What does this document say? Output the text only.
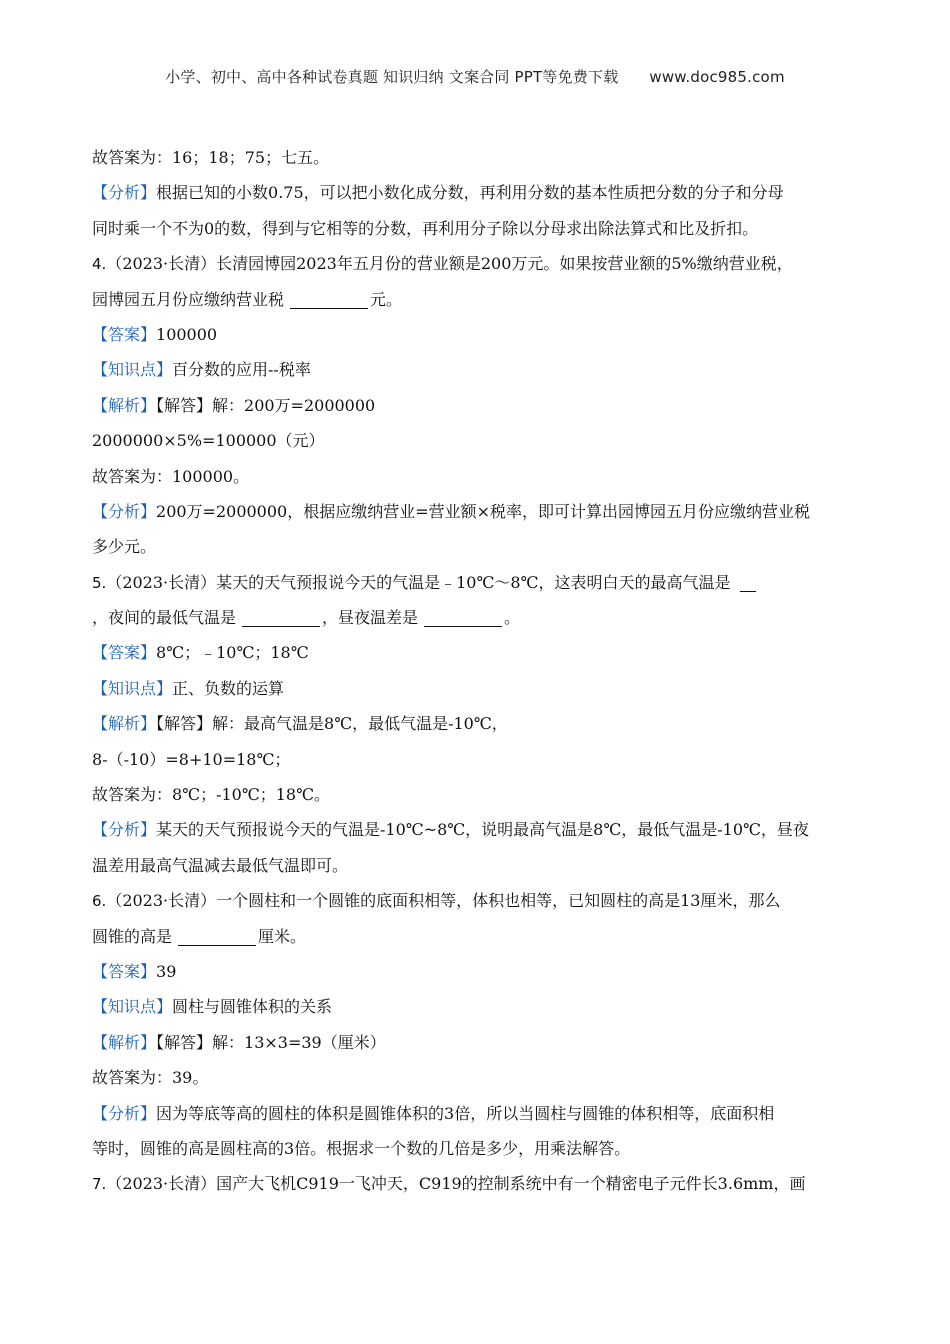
小学、初中、高中各种试卷真题 知识归纳 文案合同 PPT等免费下载 www.doc985.com
故答案为：16；18；75；七五。
【分析】根据已知的小数0.75，可以把小数化成分数，再利用分数的基本性质把分数的分子和分母
同时乘一个不为0的数，得到与它相等的分数，再利用分子除以分母求出除法算式和比及折扣。
4.（2023·长清）长清园博园2023年五月份的营业额是200万元。如果按营业额的5%缴纳营业税，
园博园五月份应缴纳营业税	元。
【答案】100000
【知识点】百分数的应用--税率
【解析】【解答】解：200万=2000000
2000000×5%=100000（元）
故答案为：100000。
【分析】200万=2000000，根据应缴纳营业=营业额×税率，即可计算出园博园五月份应缴纳营业税
多少元。
5.（2023·长清）某天的天气预报说今天的气温是﹣10℃～8℃，这表明白天的最高气温是
，夜间的最低气温是	，昼夜温差是	。
【答案】8℃；﹣10℃；18℃
【知识点】正、负数的运算
【解析】【解答】解：最高气温是8℃，最低气温是-10℃，
8-（-10）=8+10=18℃；
故答案为：8℃；-10℃；18℃。
【分析】某天的天气预报说今天的气温是-10℃~8℃，说明最高气温是8℃，最低气温是-10℃，昼夜
温差用最高气温减去最低气温即可。
6.（2023·长清）一个圆柱和一个圆锥的底面积相等，体积也相等，已知圆柱的高是13厘米，那么
圆锥的高是	厘米。
【答案】39
【知识点】圆柱与圆锥体积的关系
【解析】【解答】解：13×3=39（厘米）
故答案为：39。
【分析】因为等底等高的圆柱的体积是圆锥体积的3倍，所以当圆柱与圆锥的体积相等，底面积相
等时，圆锥的高是圆柱高的3倍。根据求一个数的几倍是多少，用乘法解答。
7.（2023·长清）国产大飞机C919一飞冲天，C919的控制系统中有一个精密电子元件长3.6mm，画
